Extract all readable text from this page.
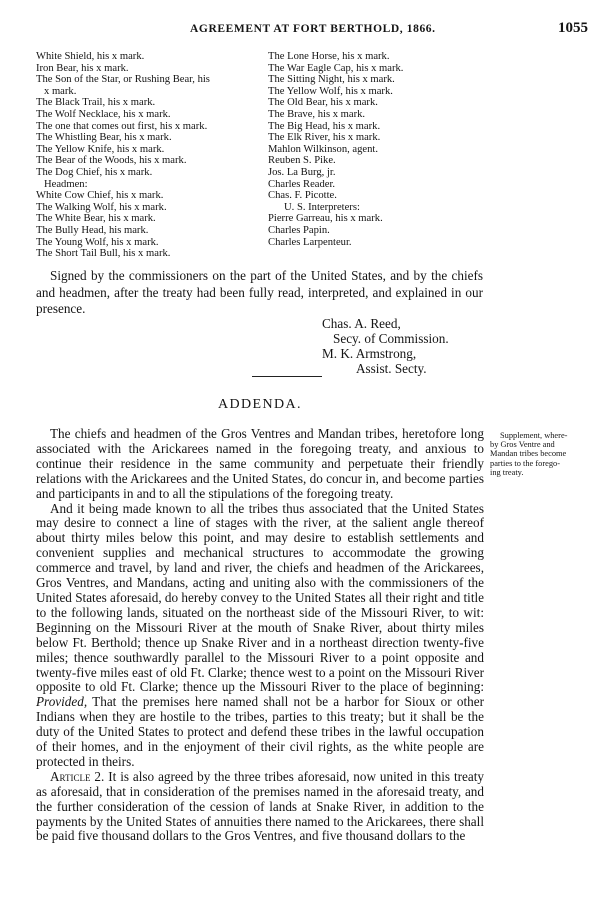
AGREEMENT AT FORT BERTHOLD, 1866.	1055
White Shield, his x mark.
Iron Bear, his x mark.
The Son of the Star, or Rushing Bear, his
x mark.
The Black Trail, his x mark.
The Wolf Necklace, his x mark.
The one that comes out first, his x mark.
The Whistling Bear, his x mark.
The Yellow Knife, his x mark.
The Bear of the Woods, his x mark.
The Dog Chief, his x mark.
Headmen:
White Cow Chief, his x mark.
The Walking Wolf, his x mark.
The White Bear, his x mark.
The Bully Head, his mark.
The Young Wolf, his x mark.
The Short Tail Bull, his x mark.
The Lone Horse, his x mark.
The War Eagle Cap, his x mark.
The Sitting Night, his x mark.
The Yellow Wolf, his x mark.
The Old Bear, his x mark.
The Brave, his x mark.
The Big Head, his x mark.
The Elk River, his x mark.
Mahlon Wilkinson, agent.
Reuben S. Pike.
Jos. La Burg, jr.
Charles Reader.
Chas. F. Picotte.
U. S. Interpreters:
Pierre Garreau, his x mark.
Charles Papin.
Charles Larpenteur.
Signed by the commissioners on the part of the United States, and by the chiefs and headmen, after the treaty had been fully read, interpreted, and explained in our presence.
Chas. A. Reed,
Secy. of Commission.
M. K. Armstrong,
Assist. Secty.
ADDENDA.
Supplement, where-
by Gros Ventre and
Mandan tribes become
parties to the forego-
ing treaty.

The chiefs and headmen of the Gros Ventres and Mandan tribes, heretofore long associated with the Arickarees named in the foregoing treaty, and anxious to continue their residence in the same community and perpetuate their friendly relations with the Arickarees and the United States, do concur in, and become parties and participants in and to all the stipulations of the foregoing treaty.

And it being made known to all the tribes thus associated that the United States may desire to connect a line of stages with the river, at the salient angle thereof about thirty miles below this point, and may desire to establish settlements and convenient supplies and mechanical structures to accommodate the growing commerce and travel, by land and river, the chiefs and headmen of the Arickarees, Gros Ventres, and Mandans, acting and uniting also with the commissioners of the United States aforesaid, do hereby convey to the United States all their right and title to the following lands, situated on the northeast side of the Missouri River, to wit: Beginning on the Missouri River at the mouth of Snake River, about thirty miles below Ft. Berthold; thence up Snake River and in a northeast direction twenty-five miles; thence southwardly parallel to the Missouri River to a point opposite and twenty-five miles east of old Ft. Clarke; thence west to a point on the Missouri River opposite to old Ft. Clarke; thence up the Missouri River to the place of beginning: Provided, That the premises here named shall not be a harbor for Sioux or other Indians when they are hostile to the tribes, parties to this treaty; but it shall be the duty of the United States to protect and defend these tribes in the lawful occupation of their homes, and in the enjoyment of their civil rights, as the white people are protected in theirs.

Article 2. It is also agreed by the three tribes aforesaid, now united in this treaty as aforesaid, that in consideration of the premises named in the aforesaid treaty, and the further consideration of the cession of lands at Snake River, in addition to the payments by the United States of annuities there named to the Arickarees, there shall be paid five thousand dollars to the Gros Ventres, and five thousand dollars to the
